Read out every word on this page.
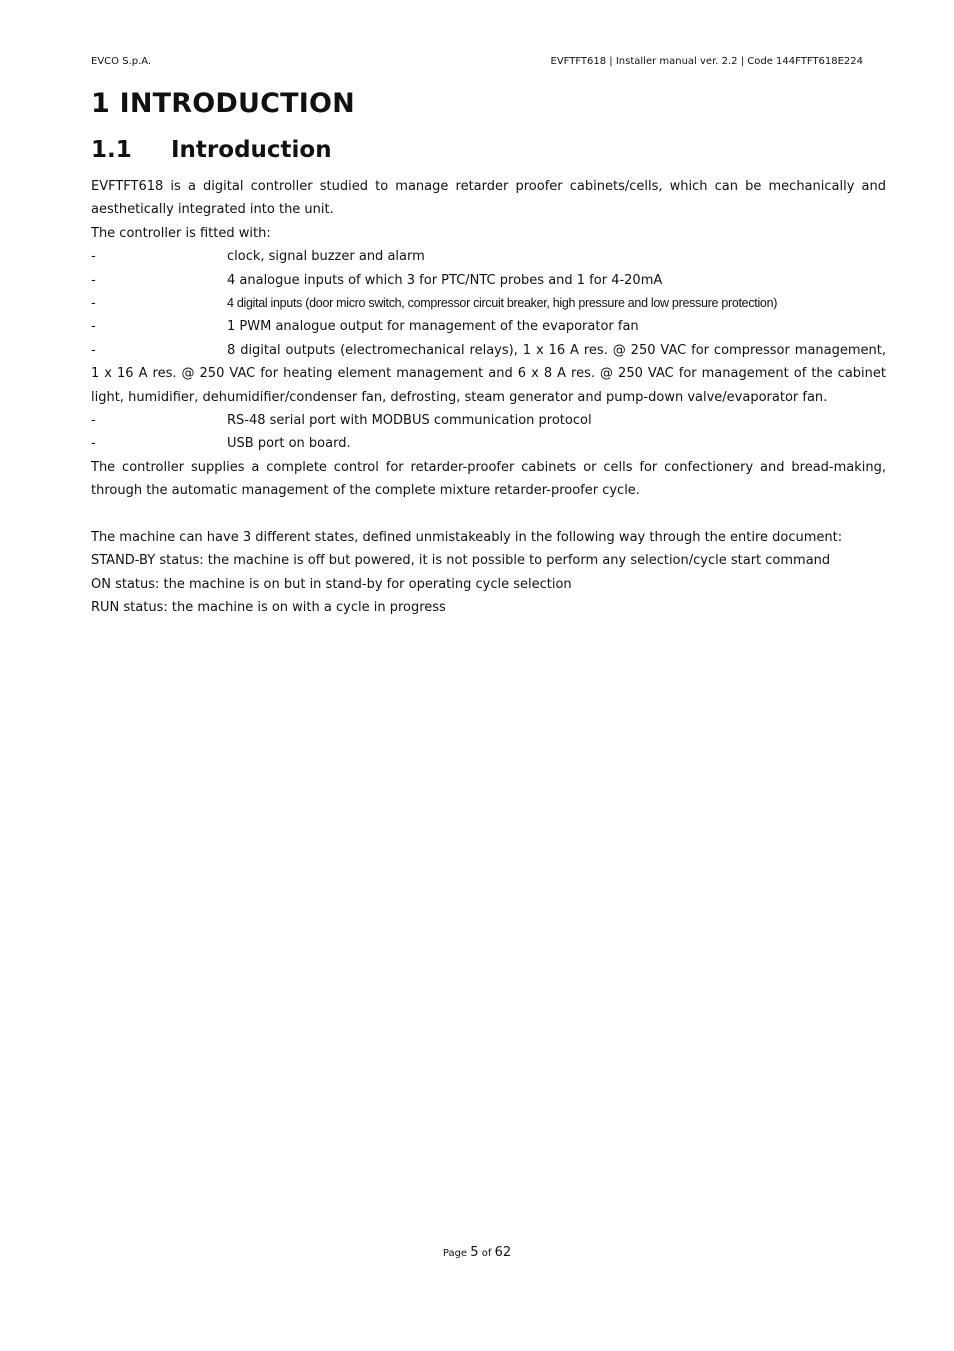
EVCO S.p.A.	EVFTFT618 | Installer manual ver. 2.2 | Code 144FTFT618E224
1 INTRODUCTION
1.1 Introduction

EVFTFT618 is a digital controller studied to manage retarder proofer cabinets/cells, which can be mechanically and aesthetically integrated into the unit.

The controller is fitted with:

-	clock, signal buzzer and alarm
-	4 analogue inputs of which 3 for PTC/NTC probes and 1 for 4-20mA
-	4 digital inputs (door micro switch, compressor circuit breaker, high pressure and low pressure protection)
-	1 PWM analogue output for management of the evaporator fan
-	8 digital outputs (electromechanical relays), 1 x 16 A res. @ 250 VAC for compressor management, 1 x 16 A res. @ 250 VAC for heating element management and 6 x 8 A res. @ 250 VAC for management of the cabinet light, humidifier, dehumidifier/condenser fan, defrosting, steam generator and pump-down valve/evaporator fan.
-	RS-48 serial port with MODBUS communication protocol
-	USB port on board.

The controller supplies a complete control for retarder-proofer cabinets or cells for confectionery and bread-making, through the automatic management of the complete mixture retarder-proofer cycle.

The machine can have 3 different states, defined unmistakeably in the following way through the entire document:

STAND-BY status: the machine is off but powered, it is not possible to perform any selection/cycle start command

ON status: the machine is on but in stand-by for operating cycle selection

RUN status: the machine is on with a cycle in progress

Page 5 of 62
